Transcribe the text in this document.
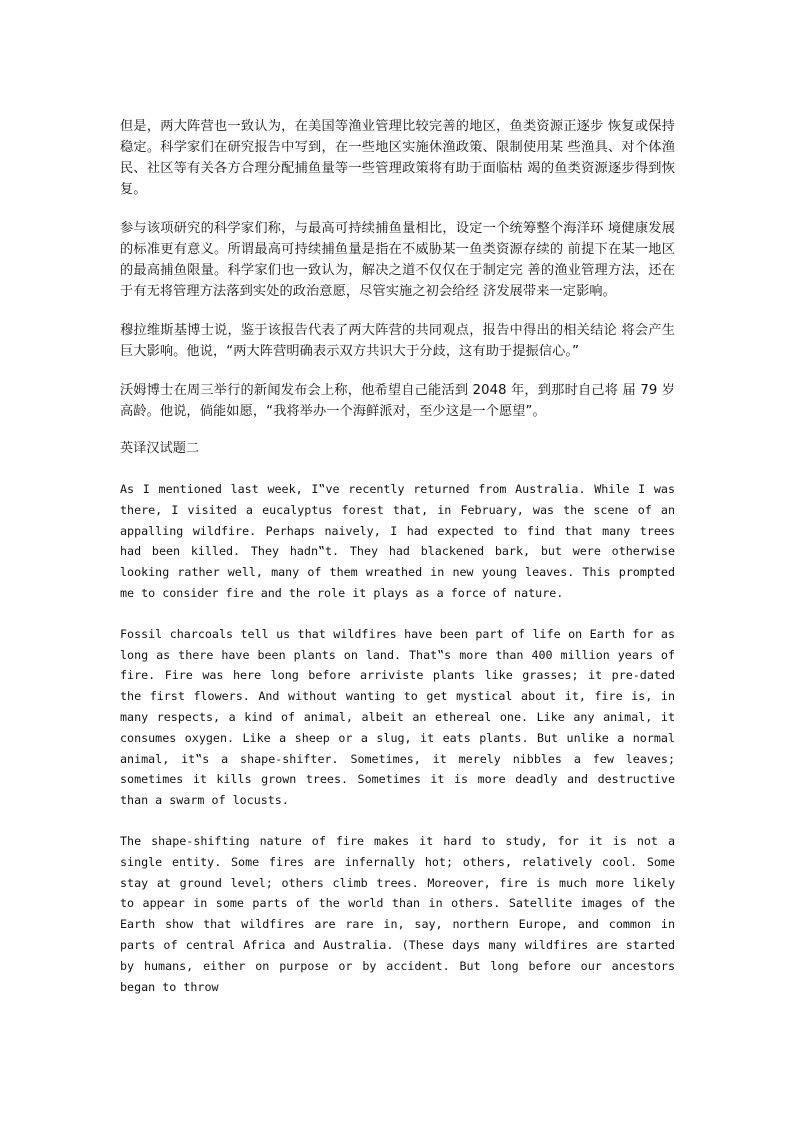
但是，两大阵营也一致认为，在美国等渔业管理比较完善的地区，鱼类资源正逐步 恢复或保持稳定。科学家们在研究报告中写到，在一些地区实施休渔政策、限制使用某 些渔具、对个体渔民、社区等有关各方合理分配捕鱼量等一些管理政策将有助于面临枯 竭的鱼类资源逐步得到恢复。

参与该项研究的科学家们称，与最高可持续捕鱼量相比，设定一个统筹整个海洋环 境健康发展的标准更有意义。所谓最高可持续捕鱼量是指在不威胁某一鱼类资源存续的 前提下在某一地区的最高捕鱼限量。科学家们也一致认为，解决之道不仅仅在于制定完 善的渔业管理方法，还在于有无将管理方法落到实处的政治意愿，尽管实施之初会给经 济发展带来一定影响。

穆拉维斯基博士说，鉴于该报告代表了两大阵营的共同观点，报告中得出的相关结论 将会产生巨大影响。他说，“两大阵营明确表示双方共识大于分歧，这有助于提振信心。”

沃姆博士在周三举行的新闻发布会上称，他希望自己能活到 2048 年，到那时自己将 届 79 岁高龄。他说，倘能如愿，“我将举办一个海鲜派对，至少这是一个愿望”。

英译汉试题二

As I mentioned last week, I‟ve recently returned from Australia. While I was there, I visited a eucalyptus forest that, in February, was the scene of an appalling wildfire. Perhaps naively, I had expected to find that many trees had been killed. They hadn‟t. They had blackened bark, but were otherwise looking rather well, many of them wreathed in new young leaves. This prompted me to consider fire and the role it plays as a force of nature.

Fossil charcoals tell us that wildfires have been part of life on Earth for as long as there have been plants on land. That‟s more than 400 million years of fire. Fire was here long before arriviste plants like grasses; it pre-dated the first flowers. And without wanting to get mystical about it, fire is, in many respects, a kind of animal, albeit an ethereal one. Like any animal, it consumes oxygen. Like a sheep or a slug, it eats plants. But unlike a normal animal, it‟s a shape-shifter. Sometimes, it merely nibbles a few leaves; sometimes it kills grown trees. Sometimes it is more deadly and destructive than a swarm of locusts.

The shape-shifting nature of fire makes it hard to study, for it is not a single entity. Some fires are infernally hot; others, relatively cool. Some stay at ground level; others climb trees. Moreover, fire is much more likely to appear in some parts of the world than in others. Satellite images of the Earth show that wildfires are rare in, say, northern Europe, and common in parts of central Africa and Australia. (These days many wildfires are started by humans, either on purpose or by accident. But long before our ancestors began to throw
